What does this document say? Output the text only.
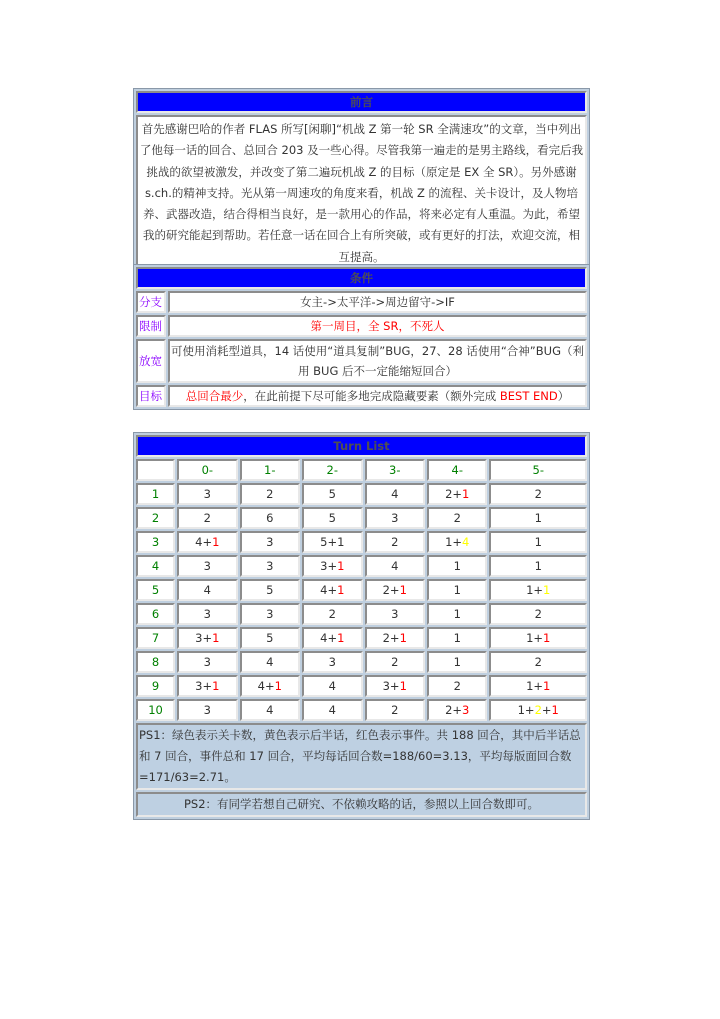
前言
首先感谢巴哈的作者 FLAS 所写[闲聊]“机战 Z 第一轮 SR 全满速攻”的文章，当中列出了他每一话的回合、总回合 203 及一些心得。尽管我第一遍走的是男主路线，看完后我挑战的欲望被激发，并改变了第二遍玩机战 Z 的目标（原定是 EX 全 SR）。另外感谢 s.ch.的精神支持。光从第一周速攻的角度来看，机战 Z 的流程、关卡设计，及人物培养、武器改造，结合得相当良好，是一款用心的作品，将来必定有人重温。为此，希望我的研究能起到帮助。若任意一话在回合上有所突破，或有更好的打法，欢迎交流，相互提高。
条件	
分支	女主->太平洋->周边留守->IF
限制	第一周目，全 SR，不死人
放宽	可使用消耗型道具，14 话使用“道具复制”BUG，27、28 话使用“合神”BUG（利用 BUG 后不一定能缩短回合）
目标	总回合最少，在此前提下尽可能多地完成隐藏要素（额外完成 BEST END）
Turn List						
	0-	1-	2-	3-	4-	5-
1	3	2	5	4	2+1	2
2	2	6	5	3	2	1
3	4+1	3	5+1	2	1+4	1
4	3	3	3+1	4	1	1
5	4	5	4+1	2+1	1	1+1
6	3	3	2	3	1	2
7	3+1	5	4+1	2+1	1	1+1
8	3	4	3	2	1	2
9	3+1	4+1	4	3+1	2	1+1
10	3	4	4	2	2+3	1+2+1
PS1：绿色表示关卡数，黄色表示后半话，红色表示事件。共 188 回合，其中后半话总和 7 回合，事件总和 17 回合，平均每话回合数=188/60=3.13，平均每版面回合数=171/63=2.71。						
PS2：有同学若想自己研究、不依赖攻略的话，参照以上回合数即可。						
